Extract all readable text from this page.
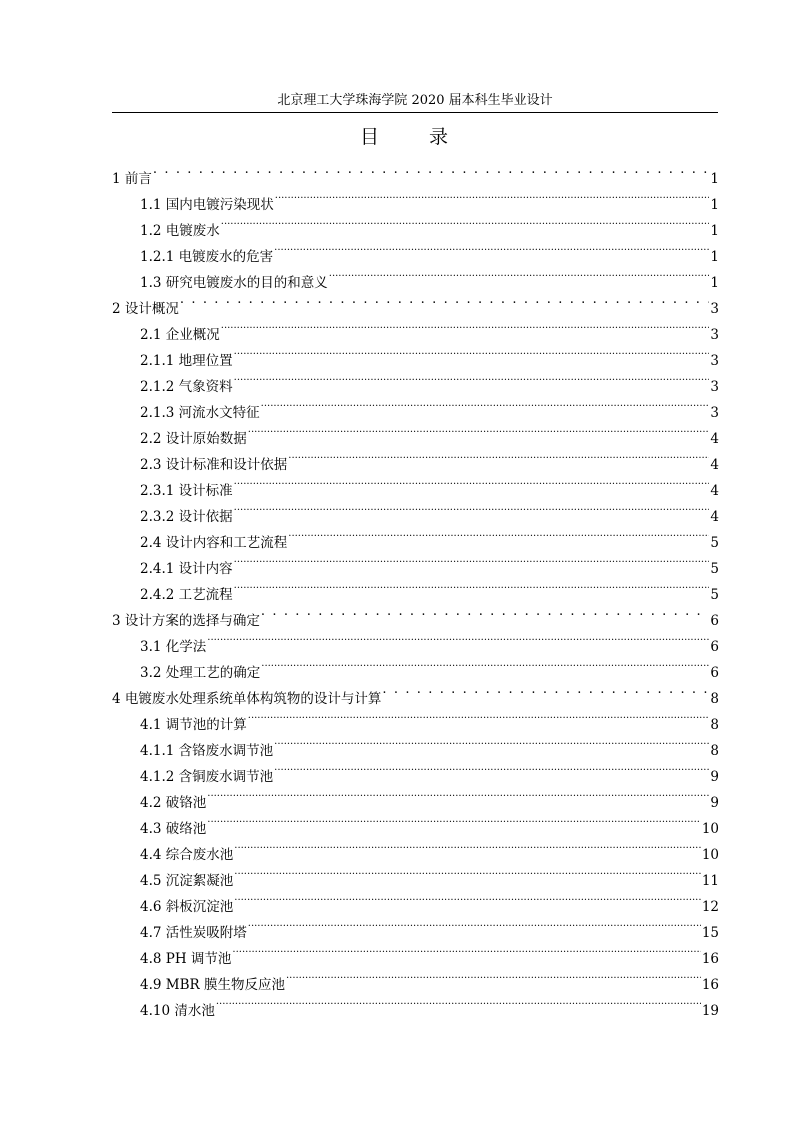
北京理工大学珠海学院 2020 届本科生毕业设计
目 录
1 前言 . . .	1
1.1 国内电镀污染现状 .....	1
1.2 电镀废水 .....	1
1.2.1 电镀废水的危害 .....	1
1.3 研究电镀废水的目的和意义 .....	1
2 设计概况 . . .	3
2.1 企业概况 .....	3
2.1.1 地理位置 .....	3
2.1.2 气象资料 .....	3
2.1.3 河流水文特征 .....	3
2.2 设计原始数据 .....	4
2.3 设计标准和设计依据 .....	4
2.3.1 设计标准 .....	4
2.3.2 设计依据 .....	4
2.4 设计内容和工艺流程 .....	5
2.4.1 设计内容 .....	5
2.4.2 工艺流程 .....	5
3 设计方案的选择与确定 . . .	6
3.1 化学法 .....	6
3.2 处理工艺的确定 .....	6
4 电镀废水处理系统单体构筑物的设计与计算 . . .	8
4.1 调节池的计算 .....	8
4.1.1 含铬废水调节池 .....	8
4.1.2 含铜废水调节池 .....	9
4.2 破铬池 .....	9
4.3 破络池 .....	10
4.4 综合废水池 .....	10
4.5 沉淀絮凝池 .....	11
4.6 斜板沉淀池 .....	12
4.7 活性炭吸附塔 .....	15
4.8 PH 调节池 .....	16
4.9 MBR 膜生物反应池 .....	16
4.10 清水池 .....	19
